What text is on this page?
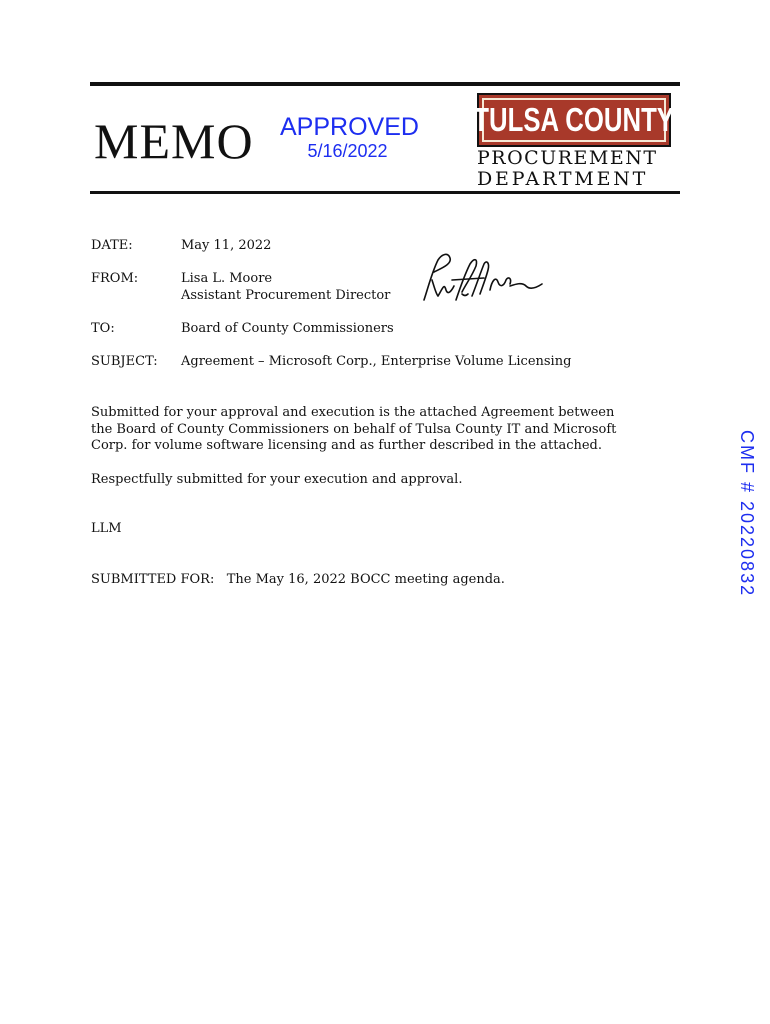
MEMO APPROVED
5/16/2022
TULSA COUNTY
PROCUREMENT
DEPARTMENT
DATE:	May 11, 2022
FROM:	Lisa L. Moore
Assistant Procurement Director
TO:	Board of County Commissioners
SUBJECT: Agreement – Microsoft Corp., Enterprise Volume Licensing
Submitted for your approval and execution is the attached Agreement between
the Board of County Commissioners on behalf of Tulsa County IT and Microsoft
Corp. for volume software licensing and as further described in the attached.
Respectfully submitted for your execution and approval.
LLM
SUBMITTED FOR:   The May 16, 2022 BOCC meeting agenda.	CMF # 20220832
